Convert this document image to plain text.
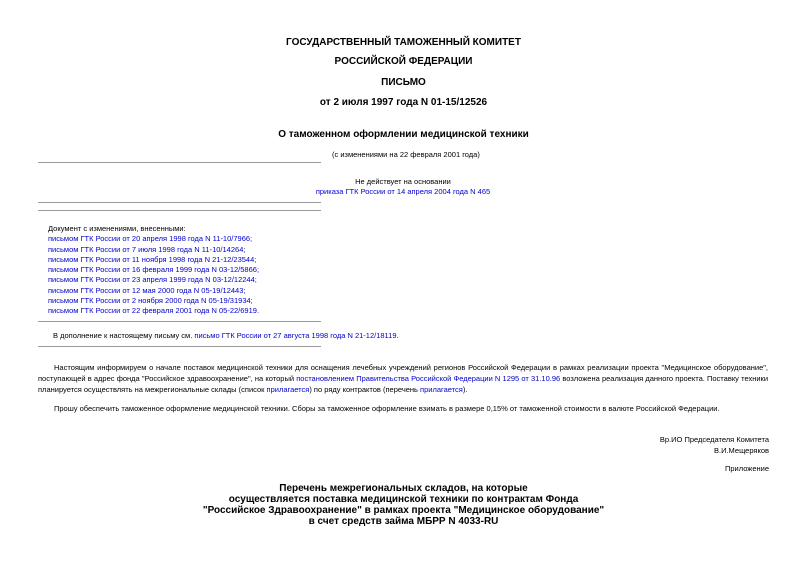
ГОСУДАРСТВЕННЫЙ ТАМОЖЕННЫЙ КОМИТЕТ
РОССИЙСКОЙ ФЕДЕРАЦИИ
ПИСЬМО
от 2 июля 1997 года N 01-15/12526
О таможенном оформлении медицинской техники
(с изменениями на 22 февраля 2001 года)
Не действует на основании
приказа ГТК России от 14 апреля 2004 года N 465
Документ с изменениями, внесенными:
письмом ГТК России от 20 апреля 1998 года N 11-10/7966;
письмом ГТК России от 7 июля 1998 года N 11-10/14264;
письмом ГТК России от 11 ноября 1998 года N 21-12/23544;
письмом ГТК России от 16 февраля 1999 года N 03-12/5866;
письмом ГТК России от 23 апреля 1999 года N 03-12/12244;
письмом ГТК России от 12 мая 2000 года N 05-19/12443;
письмом ГТК России от 2 ноября 2000 года N 05-19/31934;
письмом ГТК России от 22 февраля 2001 года N 05-22/6919.
В дополнение к настоящему письму см. письмо ГТК России от 27 августа 1998 года N 21-12/18119.
Настоящим информируем о начале поставок медицинской техники для оснащения лечебных учреждений регионов Российской Федерации в рамках реализации проекта "Медицинское оборудование", поступающей в адрес фонда "Российское здравоохранение", на который постановлением Правительства Российской Федерации N 1295 от 31.10.96 возложена реализация данного проекта. Поставку техники планируется осуществлять на межрегиональные склады (список прилагается) по ряду контрактов (перечень прилагается).
Прошу обеспечить таможенное оформление медицинской техники. Сборы за таможенное оформление взимать в размере 0,15% от таможенной стоимости в валюте Российской Федерации.
Вр.ИО Председателя Комитета
В.И.Мещеряков
Приложение
Перечень межрегиональных складов, на которые
осуществляется поставка медицинской техники по контрактам Фонда
"Российское Здравоохранение" в рамках проекта "Медицинское оборудование"
в счет средств займа МБРР N 4033-RU
